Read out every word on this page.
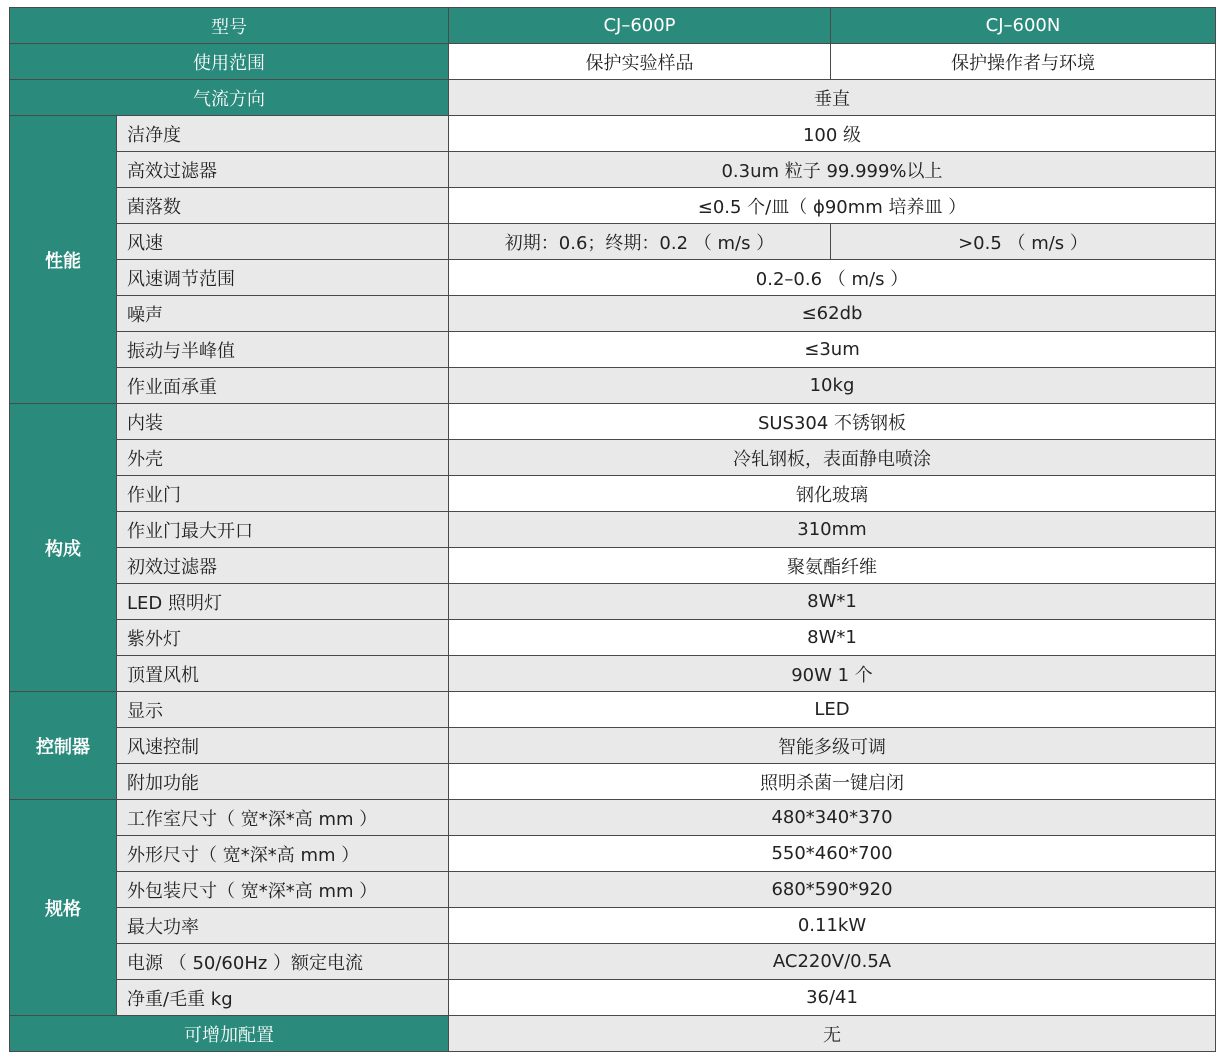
型号		CJ–600P	CJ–600N
使用范围		保护实验样品	保护操作者与环境
气流方向		垂直	
性能	洁净度	100 级	
	高效过滤器	0.3um 粒子 99.999%以上	
	菌落数	≤0.5 个/皿（ ϕ90mm 培养皿 ）	
	风速	初期：0.6；终期：0.2 （ m/s ）	>0.5 （ m/s ）
	风速调节范围	0.2–0.6 （ m/s ）	
	噪声	≤62db	
	振动与半峰值	≤3um	
	作业面承重	10kg	
构成	内装	SUS304 不锈钢板	
	外壳	冷轧钢板，表面静电喷涂	
	作业门	钢化玻璃	
	作业门最大开口	310mm	
	初效过滤器	聚氨酯纤维	
	LED 照明灯	8W*1	
	紫外灯	8W*1	
	顶置风机	90W 1 个	
控制器	显示	LED	
	风速控制	智能多级可调	
	附加功能	照明杀菌一键启闭	
规格	工作室尺寸（ 宽*深*高 mm ）	480*340*370	
	外形尺寸（ 宽*深*高 mm ）	550*460*700	
	外包装尺寸（ 宽*深*高 mm ）	680*590*920	
	最大功率	0.11kW	
	电源 （ 50/60Hz ）额定电流	AC220V/0.5A	
	净重/毛重 kg	36/41	
可增加配置		无	
